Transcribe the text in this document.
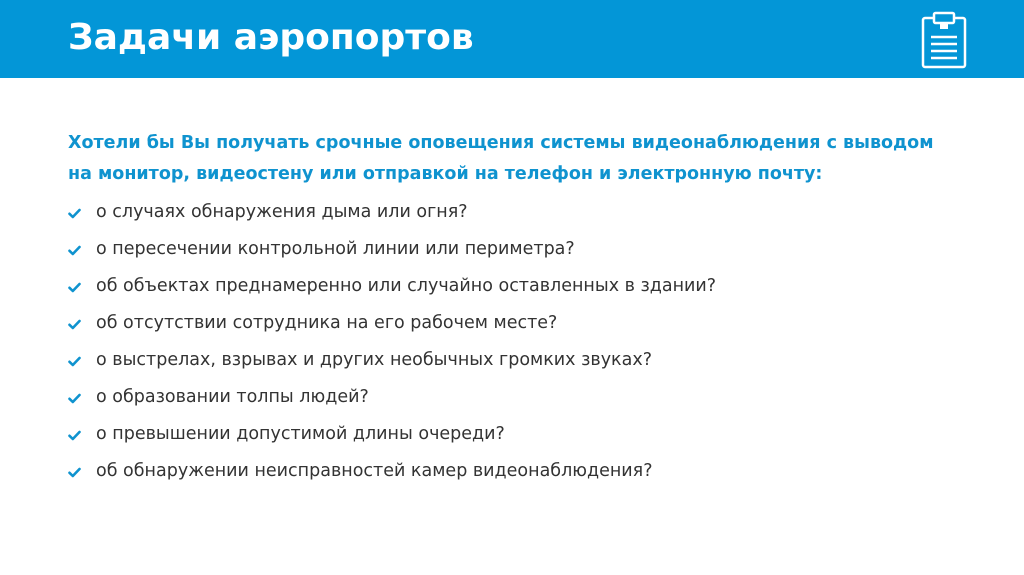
Задачи аэропортов

Хотели бы Вы получать срочные оповещения системы видеонаблюдения с выводом на монитор, видеостену или отправкой на телефон и электронную почту:

о случаях обнаружения дыма или огня?
о пересечении контрольной линии или периметра?
об объектах преднамеренно или случайно оставленных в здании?
об отсутствии сотрудника на его рабочем месте?
о выстрелах, взрывах и других необычных громких звуках?
о образовании толпы людей?
о превышении допустимой длины очереди?
об обнаружении неисправностей камер видеонаблюдения?
